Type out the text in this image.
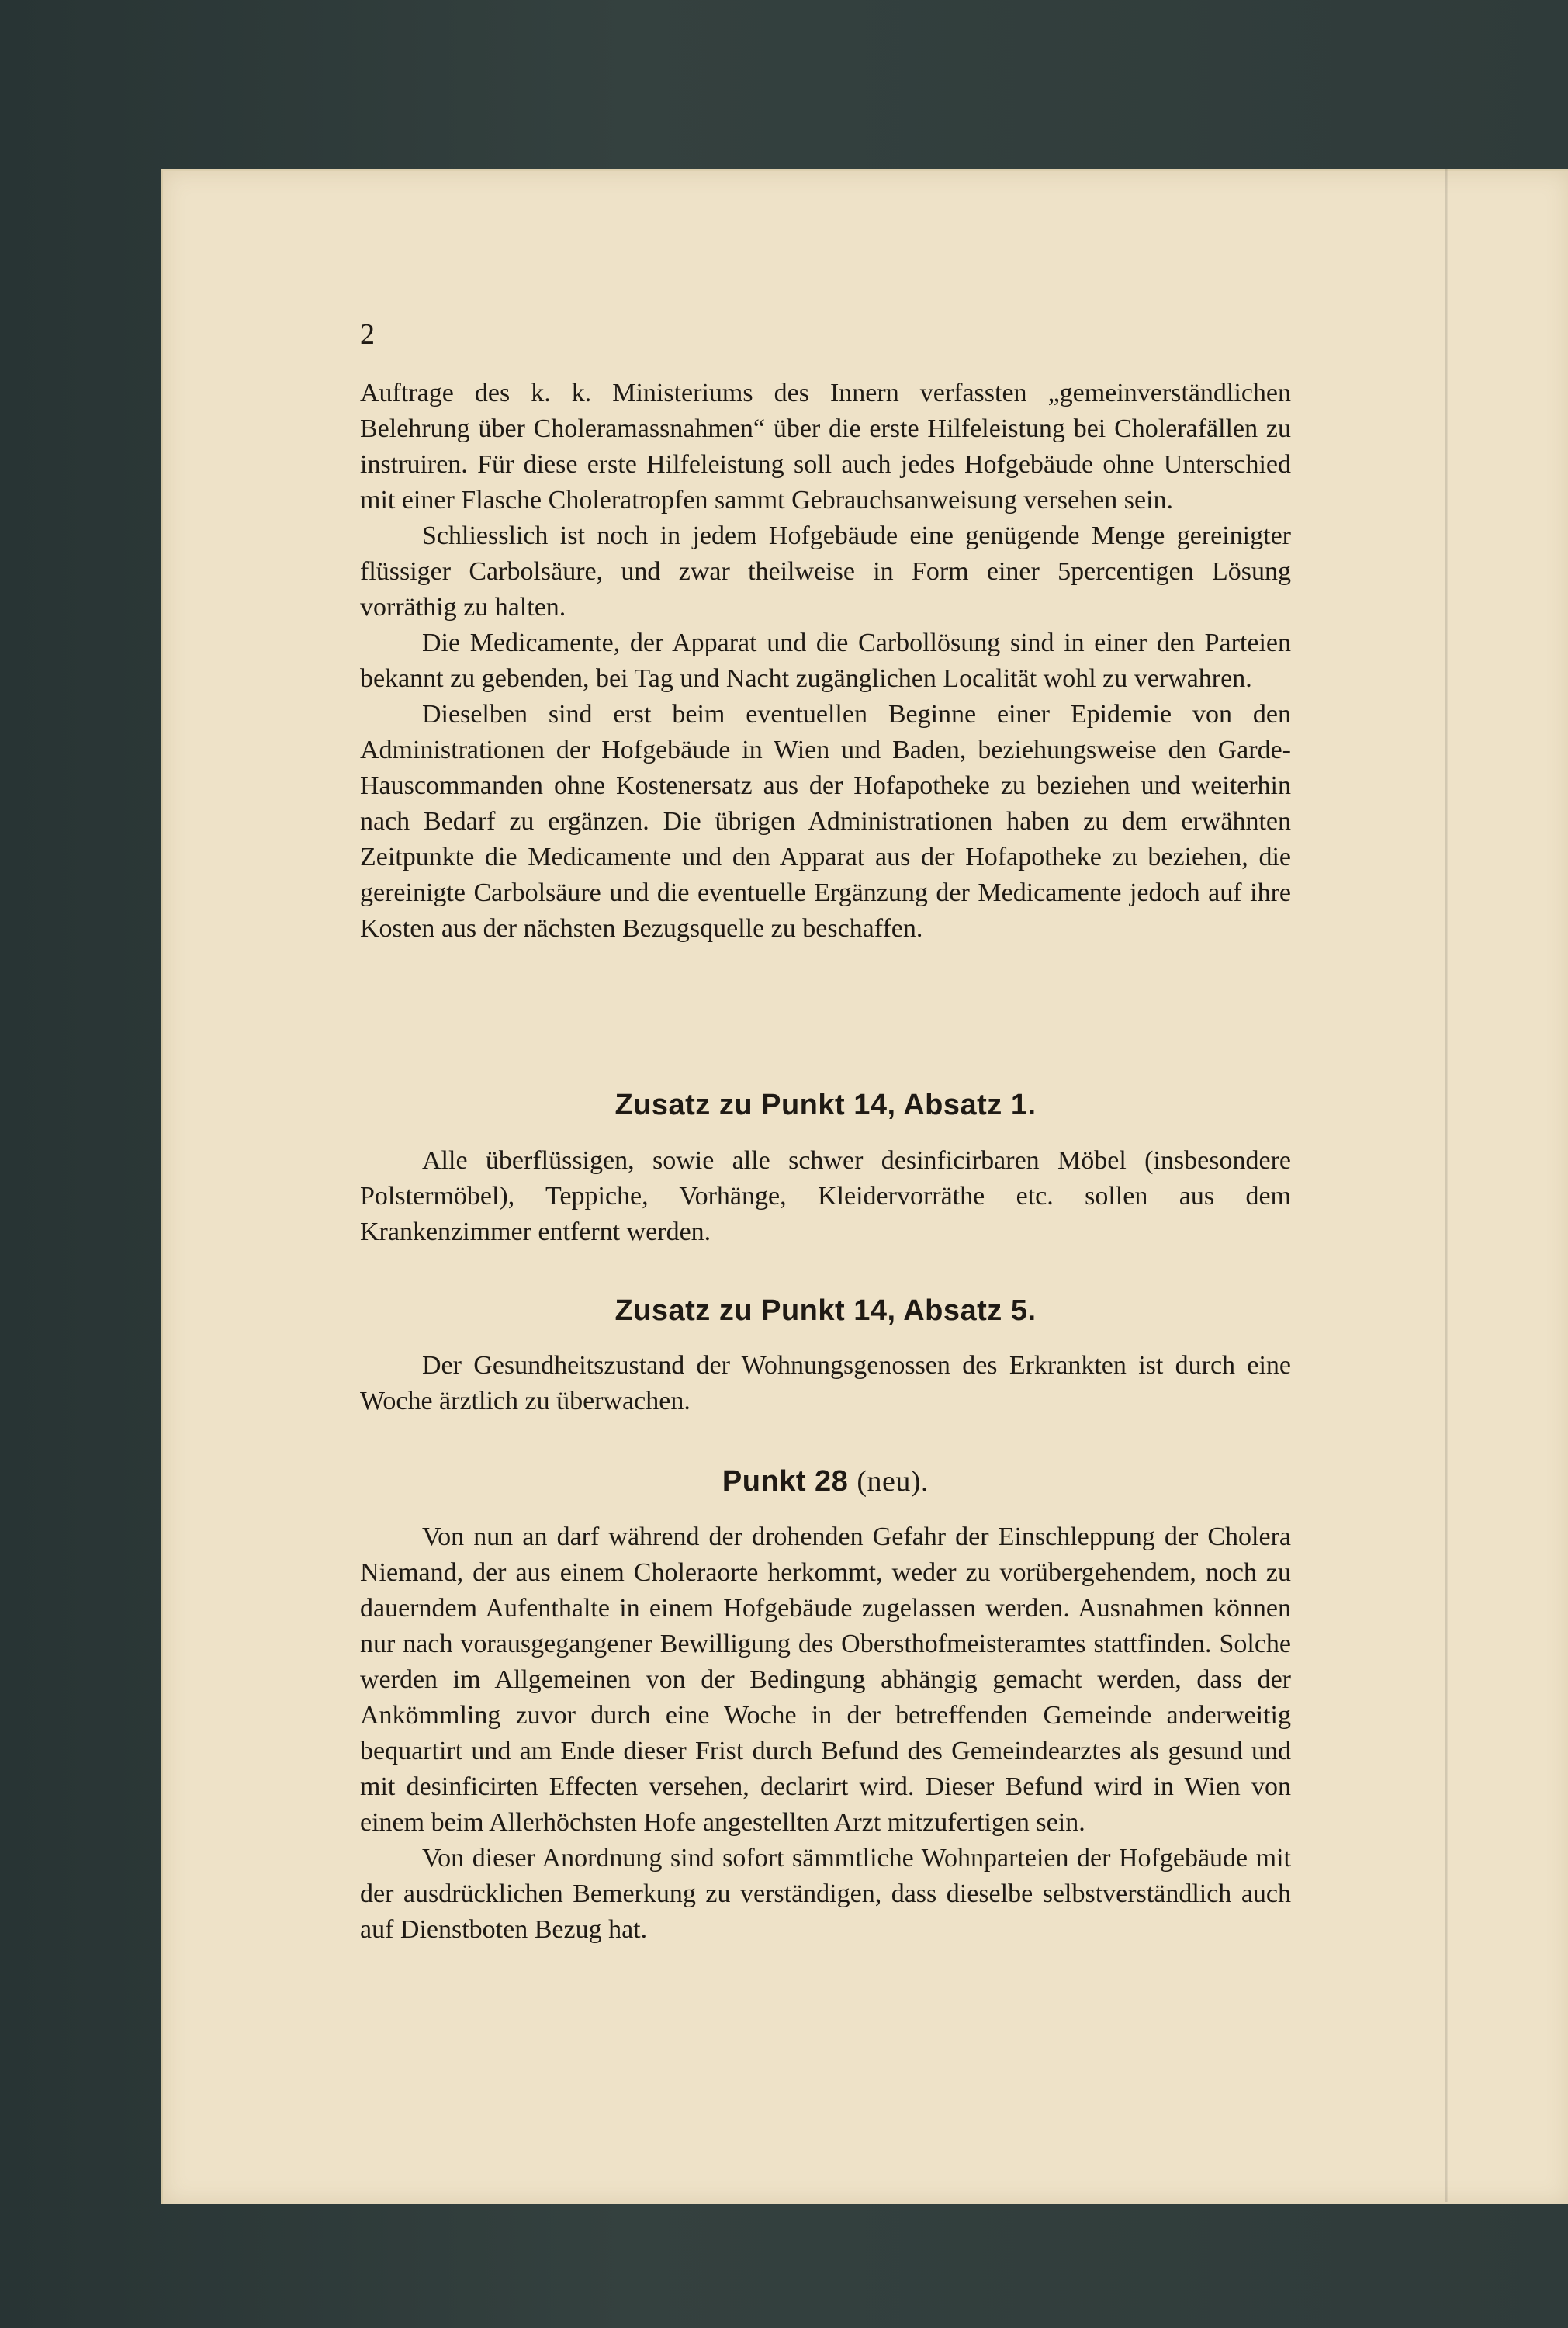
2

Auftrage des k. k. Ministeriums des Innern verfassten „gemeinverständlichen Belehrung über Choleramassnahmen“ über die erste Hilfeleistung bei Cholerafällen zu instruiren. Für diese erste Hilfeleistung soll auch jedes Hofgebäude ohne Unterschied mit einer Flasche Choleratropfen sammt Gebrauchsanweisung versehen sein.

Schliesslich ist noch in jedem Hofgebäude eine genügende Menge gereinigter flüssiger Carbolsäure, und zwar theilweise in Form einer 5percentigen Lösung vorräthig zu halten.

Die Medicamente, der Apparat und die Carbollösung sind in einer den Parteien bekannt zu gebenden, bei Tag und Nacht zugänglichen Localität wohl zu verwahren.

Dieselben sind erst beim eventuellen Beginne einer Epidemie von den Administrationen der Hofgebäude in Wien und Baden, beziehungsweise den Garde-Hauscommanden ohne Kostenersatz aus der Hofapotheke zu beziehen und weiterhin nach Bedarf zu ergänzen. Die übrigen Administrationen haben zu dem erwähnten Zeitpunkte die Medicamente und den Apparat aus der Hofapotheke zu beziehen, die gereinigte Carbolsäure und die eventuelle Ergänzung der Medicamente jedoch auf ihre Kosten aus der nächsten Bezugsquelle zu beschaffen.

Zusatz zu Punkt 14, Absatz 1.

Alle überflüssigen, sowie alle schwer desinficirbaren Möbel (insbesondere Polstermöbel), Teppiche, Vorhänge, Kleidervorräthe etc. sollen aus dem Krankenzimmer entfernt werden.

Zusatz zu Punkt 14, Absatz 5.

Der Gesundheitszustand der Wohnungsgenossen des Erkrankten ist durch eine Woche ärztlich zu überwachen.

Punkt 28 (neu).

Von nun an darf während der drohenden Gefahr der Einschleppung der Cholera Niemand, der aus einem Choleraorte herkommt, weder zu vorübergehendem, noch zu dauerndem Aufenthalte in einem Hofgebäude zugelassen werden. Ausnahmen können nur nach vorausgegangener Bewilligung des Obersthofmeisteramtes stattfinden. Solche werden im Allgemeinen von der Bedingung abhängig gemacht werden, dass der Ankömmling zuvor durch eine Woche in der betreffenden Gemeinde anderweitig bequartirt und am Ende dieser Frist durch Befund des Gemeindearztes als gesund und mit desinficirten Effecten versehen, declarirt wird. Dieser Befund wird in Wien von einem beim Allerhöchsten Hofe angestellten Arzt mitzufertigen sein.

Von dieser Anordnung sind sofort sämmtliche Wohnparteien der Hofgebäude mit der ausdrücklichen Bemerkung zu verständigen, dass dieselbe selbstverständlich auch auf Dienstboten Bezug hat.
